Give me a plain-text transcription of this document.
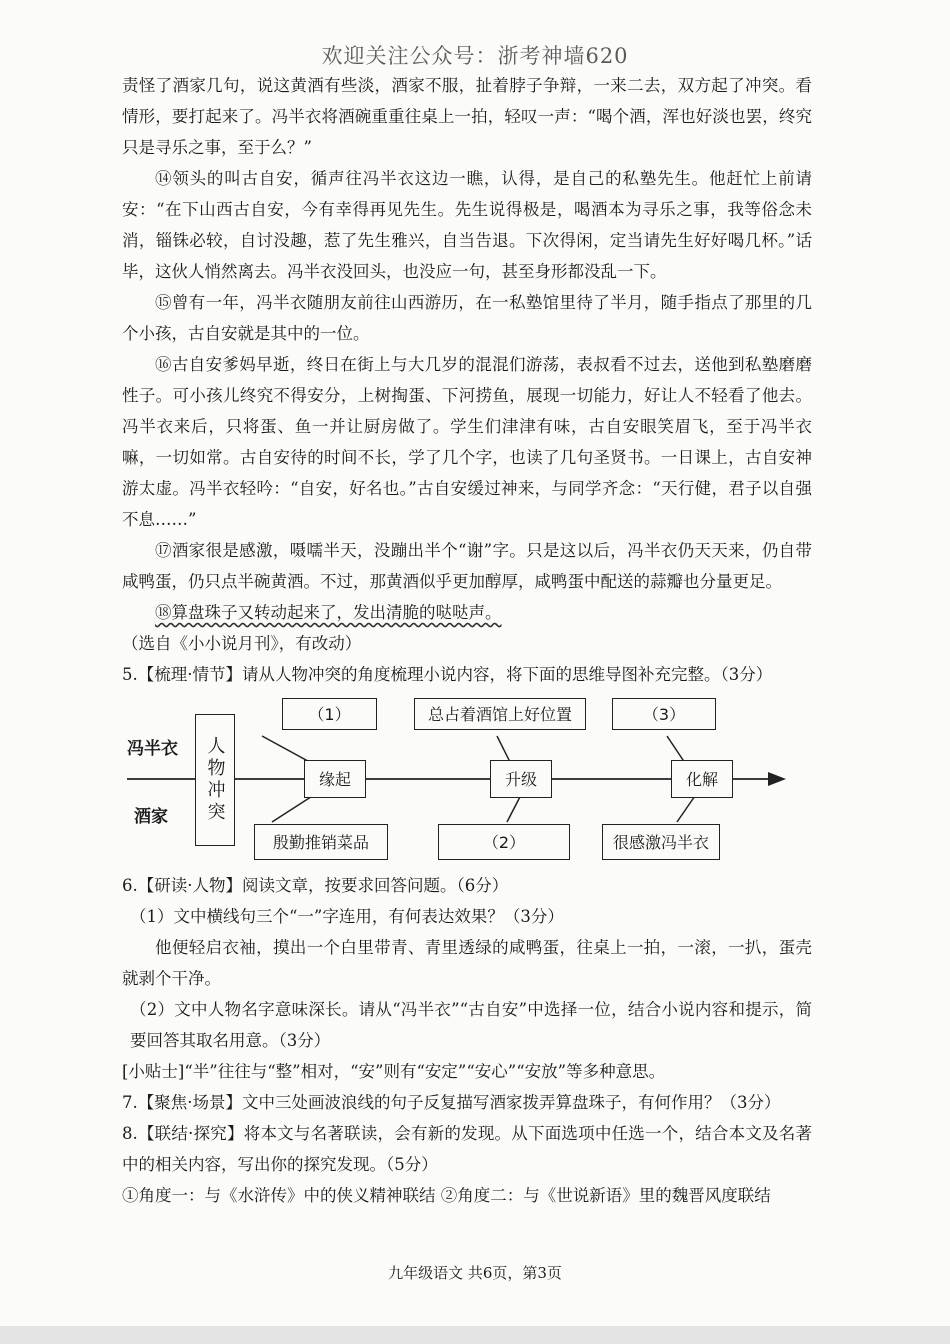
欢迎关注公众号：浙考神墙620

责怪了酒家几句，说这黄酒有些淡，酒家不服，扯着脖子争辩，一来二去，双方起了冲突。看情形，要打起来了。冯半衣将酒碗重重往桌上一拍，轻叹一声：“喝个酒，浑也好淡也罢，终究只是寻乐之事，至于么？”

⑭领头的叫古自安，循声往冯半衣这边一瞧，认得，是自己的私塾先生。他赶忙上前请安：“在下山西古自安，今有幸得再见先生。先生说得极是，喝酒本为寻乐之事，我等俗念未消，锱铢必较，自讨没趣，惹了先生雅兴，自当告退。下次得闲，定当请先生好好喝几杯。”话毕，这伙人悄然离去。冯半衣没回头，也没应一句，甚至身形都没乱一下。

⑮曾有一年，冯半衣随朋友前往山西游历，在一私塾馆里待了半月，随手指点了那里的几个小孩，古自安就是其中的一位。

⑯古自安爹妈早逝，终日在街上与大几岁的混混们游荡，表叔看不过去，送他到私塾磨磨性子。可小孩儿终究不得安分，上树掏蛋、下河捞鱼，展现一切能力，好让人不轻看了他去。冯半衣来后，只将蛋、鱼一并让厨房做了。学生们津津有味，古自安眼笑眉飞，至于冯半衣嘛，一切如常。古自安待的时间不长，学了几个字，也读了几句圣贤书。一日课上，古自安神游太虚。冯半衣轻吟：“自安，好名也。”古自安缓过神来，与同学齐念：“天行健，君子以自强不息……”

⑰酒家很是感激，嗫嚅半天，没蹦出半个“谢”字。只是这以后，冯半衣仍天天来，仍自带咸鸭蛋，仍只点半碗黄酒。不过，那黄酒似乎更加醇厚，咸鸭蛋中配送的蒜瓣也分量更足。

⑱算盘珠子又转动起来了，发出清脆的哒哒声。

（选自《小小说月刊》，有改动）

5.【梳理·情节】请从人物冲突的角度梳理小说内容，将下面的思维导图补充完整。（3分）

冯半衣
酒家	人物冲突	缘起	升级	化解
（1）	总占着酒馆上好位置	（3）
殷勤推销菜品	（2）	很感激冯半衣

6.【研读·人物】阅读文章，按要求回答问题。（6分）

（1）文中横线句三个“一”字连用，有何表达效果？（3分）

他便轻启衣袖，摸出一个白里带青、青里透绿的咸鸭蛋，往桌上一拍，一滚，一扒，蛋壳就剥个干净。

（2）文中人物名字意味深长。请从“冯半衣”“古自安”中选择一位，结合小说内容和提示，简要回答其取名用意。（3分）

[小贴士]“半”往往与“整”相对，“安”则有“安定”“安心”“安放”等多种意思。

7.【聚焦·场景】文中三处画波浪线的句子反复描写酒家拨弄算盘珠子，有何作用？（3分）

8.【联结·探究】将本文与名著联读，会有新的发现。从下面选项中任选一个，结合本文及名著中的相关内容，写出你的探究发现。（5分）

①角度一：与《水浒传》中的侠义精神联结 ②角度二：与《世说新语》里的魏晋风度联结

九年级语文 共6页，第3页
